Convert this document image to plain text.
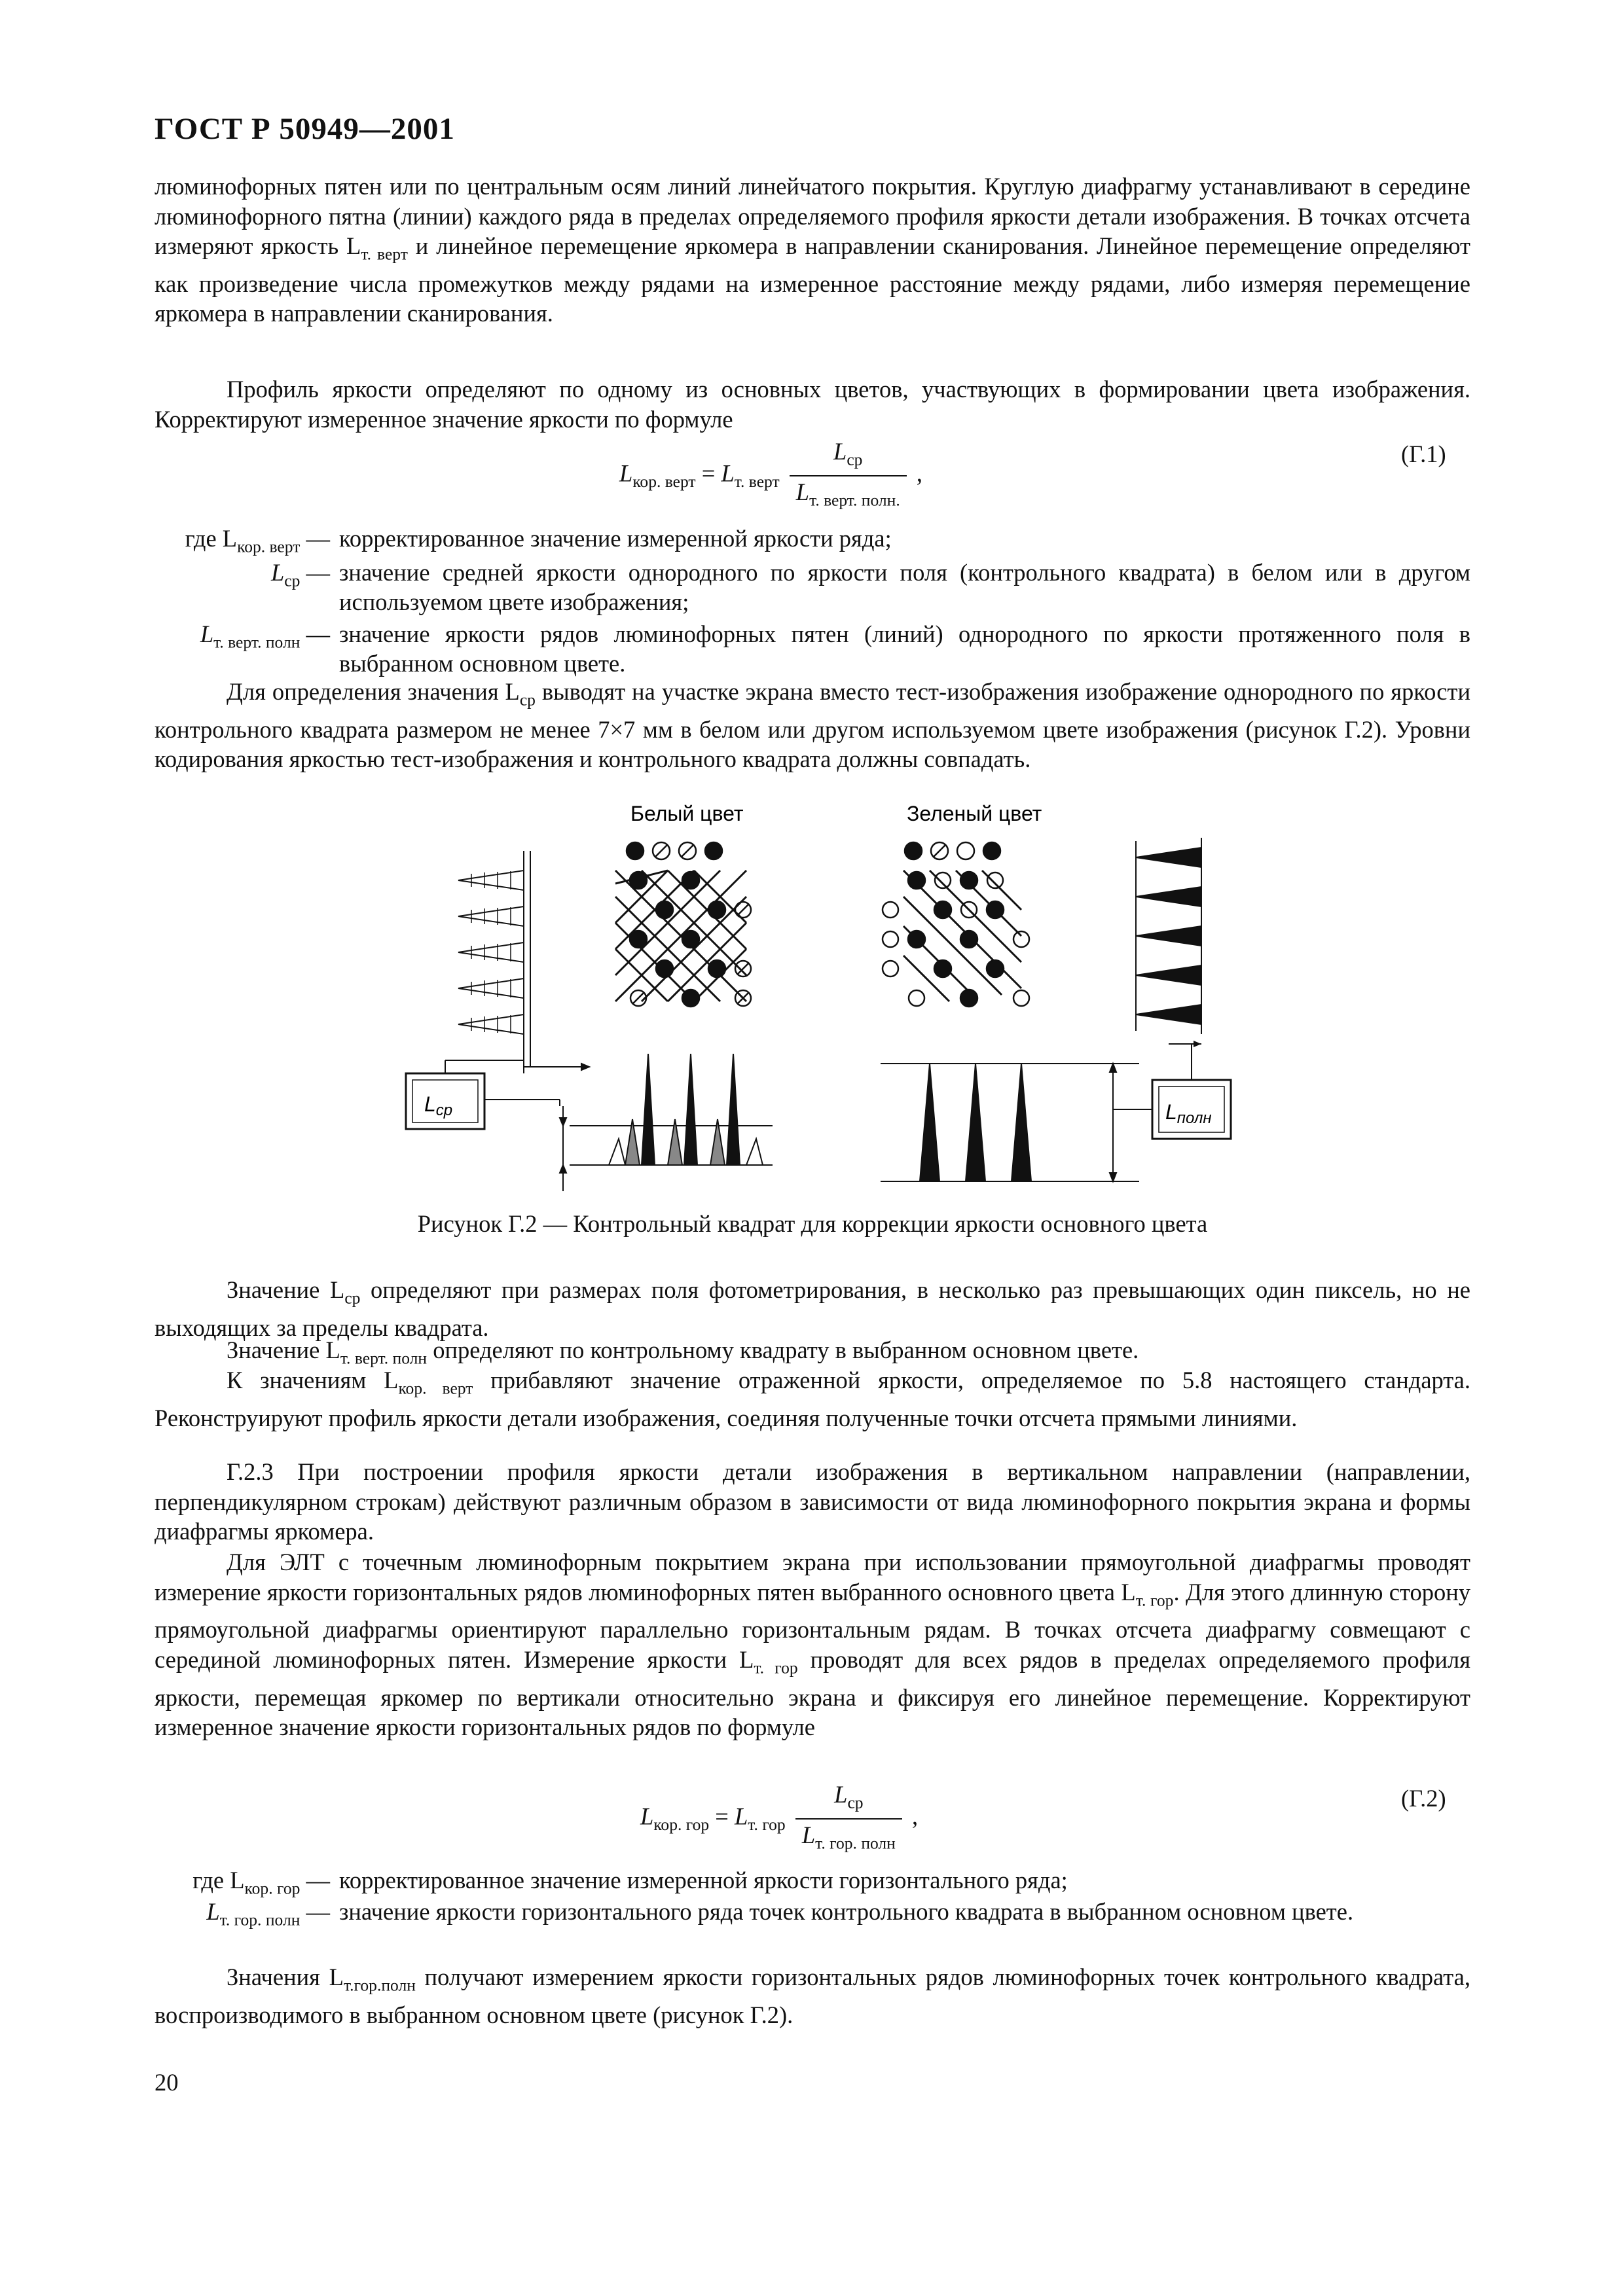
ГОСТ Р 50949—2001
люминофорных пятен или по центральным осям линий линейчатого покрытия. Круглую диафрагму устанавливают в середине люминофорного пятна (линии) каждого ряда в пределах определяемого профиля яркости детали изображения. В точках отсчета измеряют яркость $L_{т. верт}$ и линейное перемещение яркомера в направлении сканирования. Линейное перемещение определяют как произведение числа промежутков между рядами на измеренное расстояние между рядами, либо измеряя перемещение яркомера в направлении сканирования.
Профиль яркости определяют по одному из основных цветов, участвующих в формировании цвета изображения. Корректируют измеренное значение яркости по формуле
$L_{кор. верт} = L_{т. верт} \frac{L_{ср}}{L_{т. верт. полн.}}$ ,
(Г.1)
где $L_{кор. верт}$ — корректированное значение измеренной яркости ряда;
$L_{ср}$ — значение средней яркости однородного по яркости поля (контрольного квадрата) в белом или в другом используемом цвете изображения;
$L_{т. верт. полн}$ — значение яркости рядов люминофорных пятен (линий) однородного по яркости протяженного поля в выбранном основном цвете.
Для определения значения $L_{ср}$ выводят на участке экрана вместо тест-изображения изображение однородного по яркости контрольного квадрата размером не менее 7×7 мм в белом или другом используемом цвете изображения (рисунок Г.2). Уровни кодирования яркостью тест-изображения и контрольного квадрата должны совпадать.
Белый цвет	Зеленый цвет
Lср	Lполн
Рисунок Г.2 — Контрольный квадрат для коррекции яркости основного цвета
Значение $L_{ср}$ определяют при размерах поля фотометрирования, в несколько раз превышающих один пиксель, но не выходящих за пределы квадрата.
Значение $L_{т. верт. полн}$ определяют по контрольному квадрату в выбранном основном цвете.
К значениям $L_{кор. верт}$ прибавляют значение отраженной яркости, определяемое по 5.8 настоящего стандарта. Реконструируют профиль яркости детали изображения, соединяя полученные точки отсчета прямыми линиями.
Г.2.3 При построении профиля яркости детали изображения в вертикальном направлении (направлении, перпендикулярном строкам) действуют различным образом в зависимости от вида люминофорного покрытия экрана и формы диафрагмы яркомера.
Для ЭЛТ с точечным люминофорным покрытием экрана при использовании прямоугольной диафрагмы проводят измерение яркости горизонтальных рядов люминофорных пятен выбранного основного цвета $L_{т. гор}$. Для этого длинную сторону прямоугольной диафрагмы ориентируют параллельно горизонтальным рядам. В точках отсчета диафрагму совмещают с серединой люминофорных пятен. Измерение яркости $L_{т. гор}$ проводят для всех рядов в пределах определяемого профиля яркости, перемещая яркомер по вертикали относительно экрана и фиксируя его линейное перемещение. Корректируют измеренное значение яркости горизонтальных рядов по формуле
$L_{кор. гор} = L_{т. гор} \frac{L_{ср}}{L_{т. гор. полн}}$ ,
(Г.2)
где $L_{кор. гор}$ — корректированное значение измеренной яркости горизонтального ряда;
$L_{т. гор. полн}$ — значение яркости горизонтального ряда точек контрольного квадрата в выбранном основном цвете.
Значения $L_{т.гор.полн}$ получают измерением яркости горизонтальных рядов люминофорных точек контрольного квадрата, воспроизводимого в выбранном основном цвете (рисунок Г.2).
20
